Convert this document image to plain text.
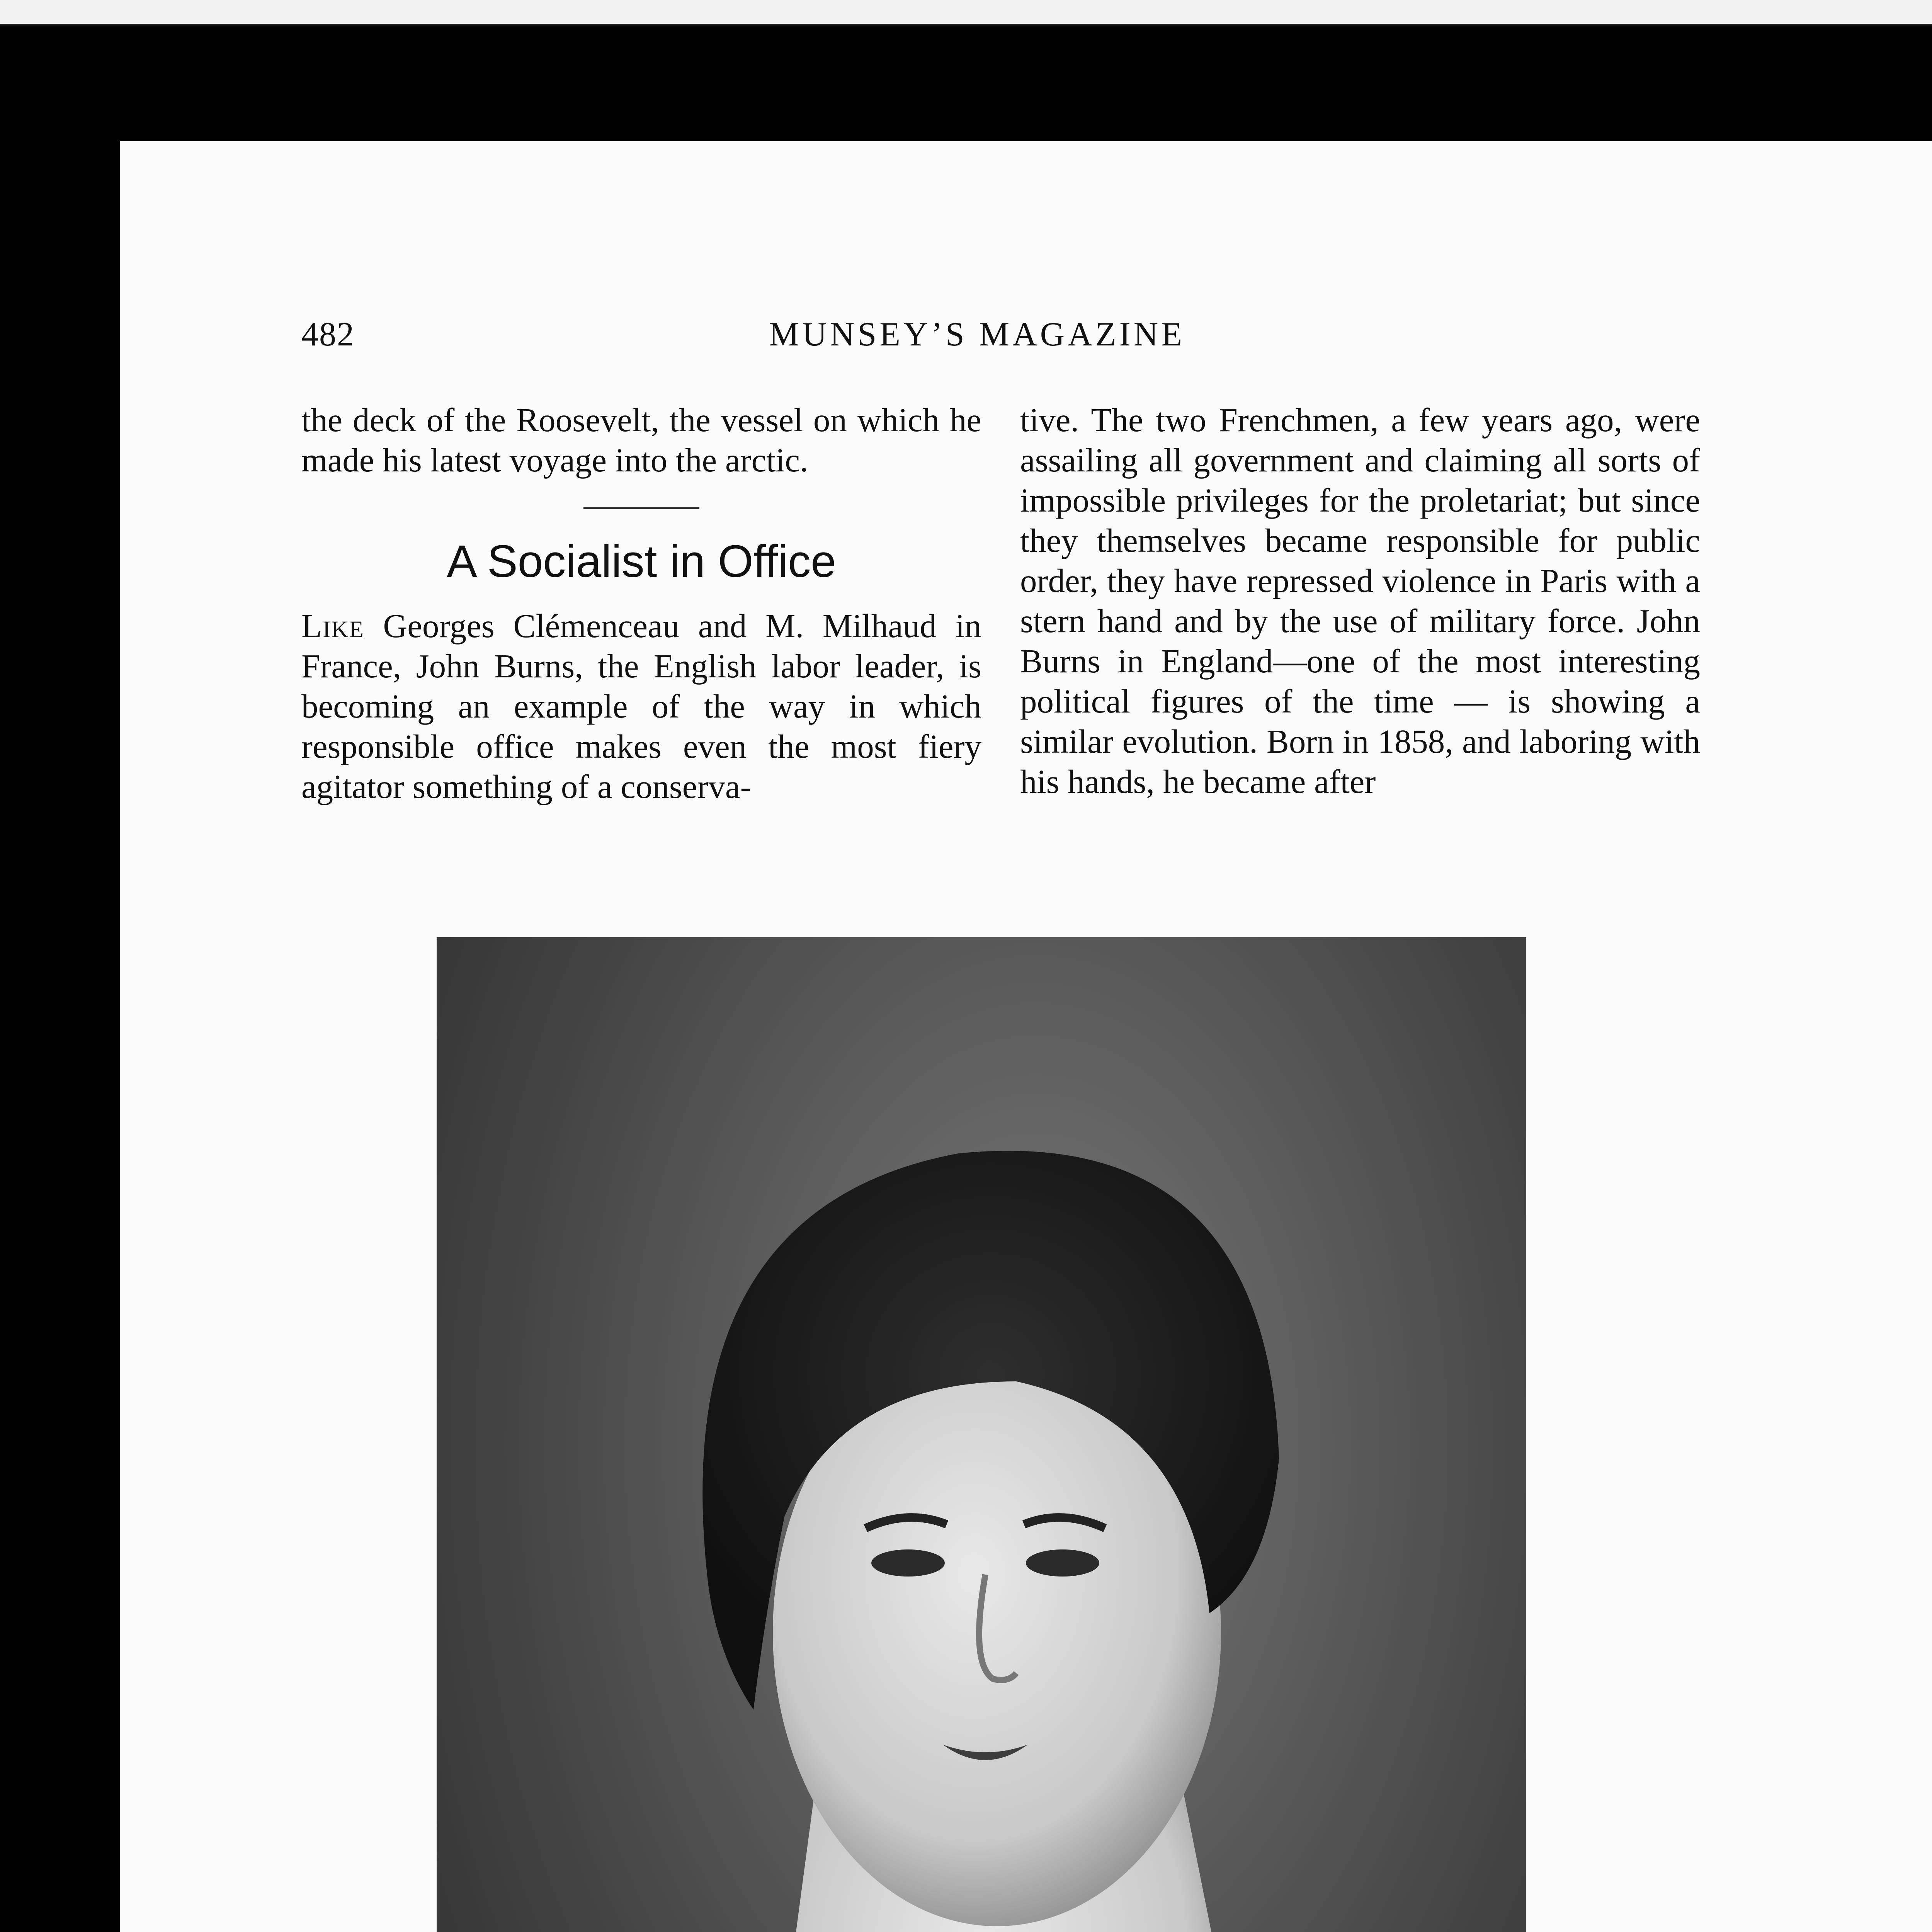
482	MUNSEY’S MAGAZINE
the deck of the Roosevelt, the vessel on which he made his latest voyage into the arctic.
A Socialist in Office
Like Georges Clémenceau and M. Milhaud in France, John Burns, the English labor leader, is becoming an example of the way in which responsible office makes even the most fiery agitator something of a conserva-
tive. The two Frenchmen, a few years ago, were assailing all government and claiming all sorts of impossible privileges for the proletariat; but since they themselves became responsible for public order, they have repressed violence in Paris with a stern hand and by the use of military force. John Burns in England—one of the most interesting political figures of the time — is showing a similar evolution. Born in 1858, and laboring with his hands, he became after
